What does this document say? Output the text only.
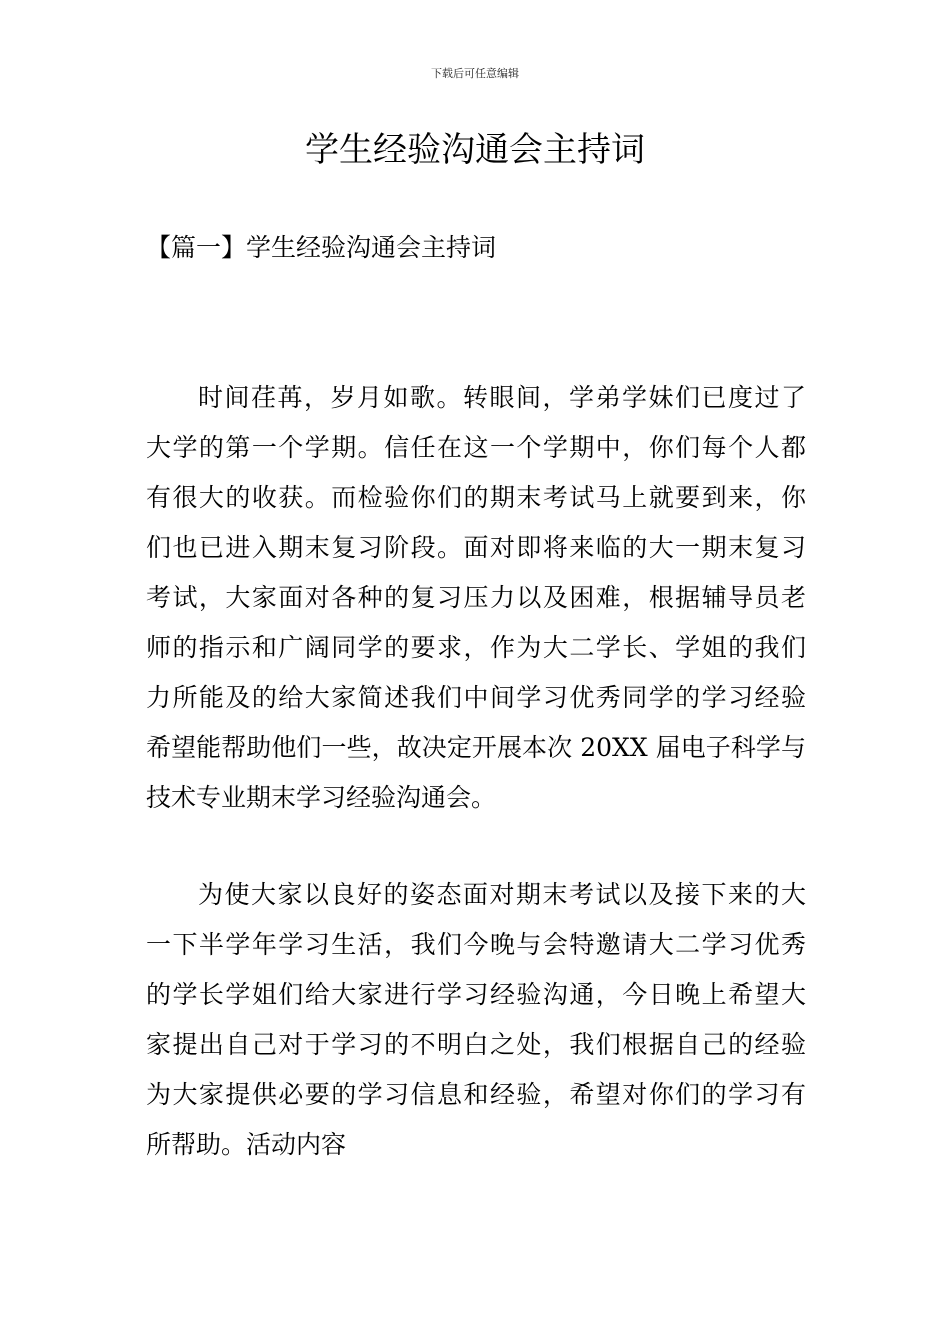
下载后可任意编辑
学生经验沟通会主持词
【篇一】学生经验沟通会主持词
时间荏苒，岁月如歌。转眼间，学弟学妹们已度过了
大学的第一个学期。信任在这一个学期中，你们每个人都
有很大的收获。而检验你们的期末考试马上就要到来，你
们也已进入期末复习阶段。面对即将来临的大一期末复习
考试，大家面对各种的复习压力以及困难，根据辅导员老
师的指示和广阔同学的要求，作为大二学长、学姐的我们
力所能及的给大家简述我们中间学习优秀同学的学习经验
希望能帮助他们一些，故决定开展本次 20XX 届电子科学与
技术专业期末学习经验沟通会。
为使大家以良好的姿态面对期末考试以及接下来的大
一下半学年学习生活，我们今晚与会特邀请大二学习优秀
的学长学姐们给大家进行学习经验沟通，今日晚上希望大
家提出自己对于学习的不明白之处，我们根据自己的经验
为大家提供必要的学习信息和经验，希望对你们的学习有
所帮助。活动内容
